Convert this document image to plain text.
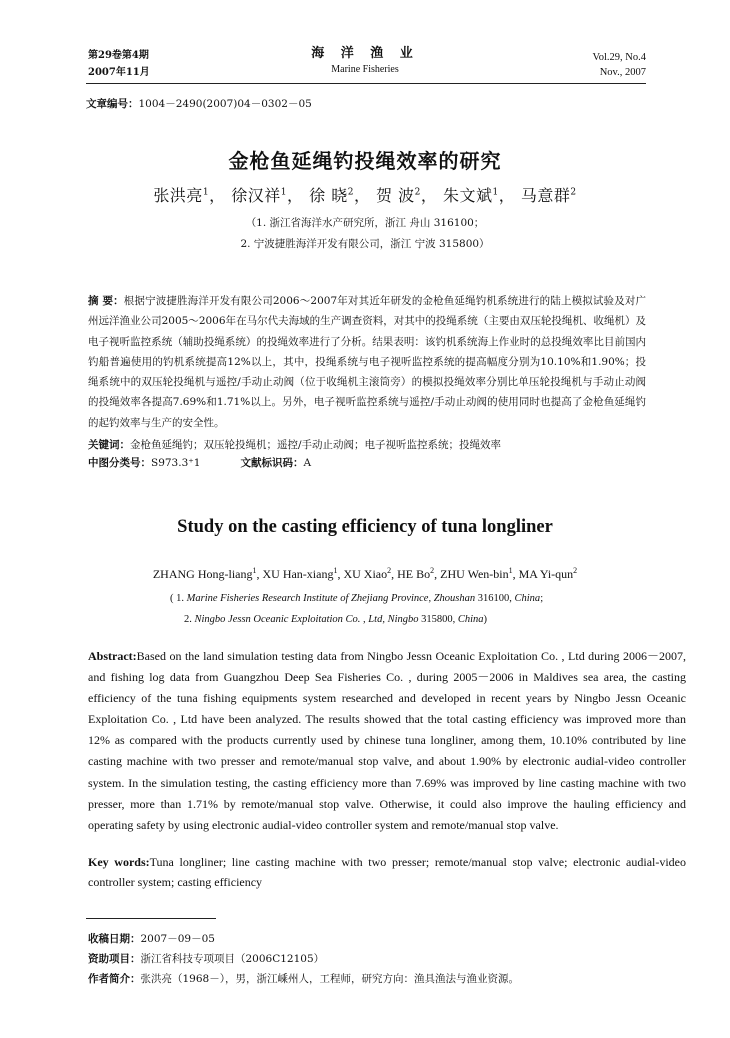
第29卷第4期
2007年11月
海 洋 渔 业
Marine Fisheries
Vol.29, No.4
Nov., 2007
文章编号：1004－2490(2007)04－0302－05
金枪鱼延绳钓投绳效率的研究
张洪亮$^1$， 徐汉祥$^1$， 徐 晓$^2$， 贺 波$^2$， 朱文斌$^1$， 马意群$^2$
（1. 浙江省海洋水产研究所，浙江 舟山 316100；
2. 宁波捷胜海洋开发有限公司，浙江 宁波 315800）
摘 要：根据宁波捷胜海洋开发有限公司2006～2007年对其近年研发的金枪鱼延绳钓机系统进行的陆上模拟试验及对广州远洋渔业公司2005～2006年在马尔代夫海域的生产调查资料，对其中的投绳系统（主要由双压轮投绳机、收绳机）及电子视听监控系统（辅助投绳系统）的投绳效率进行了分析。结果表明：该钓机系统海上作业时的总投绳效率比目前国内钓船普遍使用的钓机系统提高12%以上，其中，投绳系统与电子视听监控系统的提高幅度分别为10.10%和1.90%；投绳系统中的双压轮投绳机与遥控/手动止动阀（位于收绳机主滚筒旁）的模拟投绳效率分别比单压轮投绳机与手动止动阀的投绳效率各提高7.69%和1.71%以上。另外，电子视听监控系统与遥控/手动止动阀的使用同时也提高了金枪鱼延绳钓的起钓效率与生产的安全性。
关键词：金枪鱼延绳钓；双压轮投绳机；遥控/手动止动阀；电子视听监控系统；投绳效率
中图分类号：S973.3⁺1	文献标识码：A
Study on the casting efficiency of tuna longliner
ZHANG Hong-liang$^1$, XU Han-xiang$^1$, XU Xiao$^2$, HE Bo$^2$, ZHU Wen-bin$^1$, MA Yi-qun$^2$
( 1. Marine Fisheries Research Institute of Zhejiang Province, Zhoushan 316100, China;
2. Ningbo Jessn Oceanic Exploitation Co. , Ltd, Ningbo 315800, China)
Abstract:Based on the land simulation testing data from Ningbo Jessn Oceanic Exploitation Co. , Ltd during 2006－2007, and fishing log data from Guangzhou Deep Sea Fisheries Co. , during 2005－2006 in Maldives sea area, the casting efficiency of the tuna fishing equipments system researched and developed in recent years by Ningbo Jessn Oceanic Exploitation Co. , Ltd have been analyzed. The results showed that the total casting efficiency was improved more than 12% as compared with the products currently used by chinese tuna longliner, among them, 10.10% contributed by line casting machine with two presser and remote/manual stop valve, and about 1.90% by electronic audial-video controller system. In the simulation testing, the casting efficiency more than 7.69% was improved by line casting machine with two presser, more than 1.71% by remote/manual stop valve. Otherwise, it could also improve the hauling efficiency and operating safety by using electronic audial-video controller system and remote/manual stop valve.
Key words:Tuna longliner; line casting machine with two presser; remote/manual stop valve; electronic audial-video controller system; casting efficiency
收稿日期：2007－09－05
资助项目：浙江省科技专项项目（2006C12105）
作者简介：张洪亮（1968－），男，浙江嵊州人，工程师，研究方向：渔具渔法与渔业资源。
